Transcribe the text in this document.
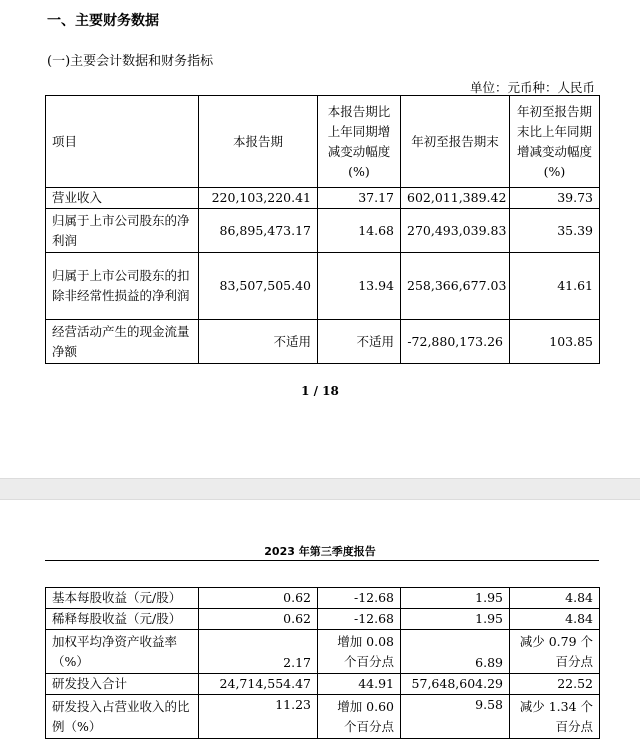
一、主要财务数据
(一)主要会计数据和财务指标
单位：元币种：人民币
项目	本报告期	本报告期比上年同期增减变动幅度(%)	年初至报告期末	年初至报告期末比上年同期增减变动幅度(%)
营业收入	220,103,220.41	37.17	602,011,389.42	39.73
归属于上市公司股东的净利润	86,895,473.17	14.68	270,493,039.83	35.39
归属于上市公司股东的扣除非经常性损益的净利润	83,507,505.40	13.94	258,366,677.03	41.61
经营活动产生的现金流量净额	不适用	不适用	-72,880,173.26	103.85
1 / 18
2023 年第三季度报告
基本每股收益（元/股）	0.62	-12.68	1.95	4.84
稀释每股收益（元/股）	0.62	-12.68	1.95	4.84
加权平均净资产收益率（%）	2.17	增加 0.08 个百分点	6.89	减少 0.79 个百分点
研发投入合计	24,714,554.47	44.91	57,648,604.29	22.52
研发投入占营业收入的比例（%）	11.23	增加 0.60 个百分点	9.58	减少 1.34 个百分点
